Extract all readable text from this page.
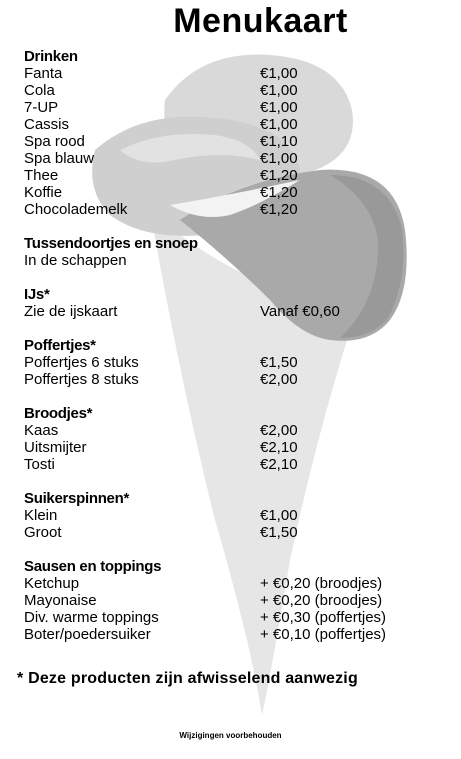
Menukaart
Drinken
Fanta	€1,00
Cola	€1,00
7-UP	€1,00
Cassis	€1,00
Spa rood	€1,10
Spa blauw	€1,00
Thee	€1,20
Koffie	€1,20
Chocolademelk	€1,20
Tussendoortjes en snoep
In de schappen
IJs*
Zie de ijskaart	Vanaf €0,60
Poffertjes*
Poffertjes 6 stuks	€1,50
Poffertjes 8 stuks	€2,00
Broodjes*
Kaas	€2,00
Uitsmijter	€2,10
Tosti	€2,10
Suikerspinnen*
Klein	€1,00
Groot	€1,50
Sausen en toppings
Ketchup	+ €0,20 (broodjes)
Mayonaise	+ €0,20 (broodjes)
Div. warme toppings	+ €0,30 (poffertjes)
Boter/poedersuiker	+ €0,10 (poffertjes)
* Deze producten zijn afwisselend aanwezig
Wijzigingen voorbehouden
